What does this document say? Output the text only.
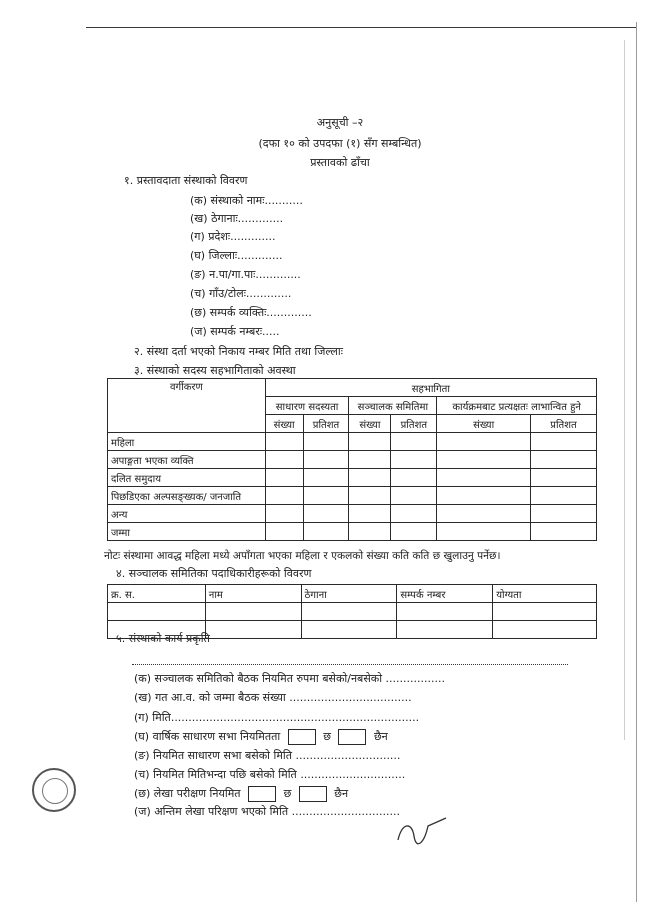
अनुसूची –२
(दफा १० को उपदफा (१) सँग सम्बन्धित)
प्रस्तावको ढाँचा
१. प्रस्तावदाता संस्थाको विवरण
(क) संस्थाको नामः...........
(ख) ठेगानाः.............
(ग) प्रदेशः.............
(घ) जिल्लाः.............
(ङ) न.पा/गा.पाः.............
(च) गाँउ/टोलः.............
(छ) सम्पर्क व्यक्तिः.............
(ज) सम्पर्क नम्बरः.....
२. संस्था दर्ता भएको निकाय नम्बर मिति तथा जिल्लाः
३. संस्थाको सदस्य सहभागिताको अवस्था
वर्गीकरण	सहभागिता					
	साधारण सदस्यता		सञ्चालक समितिमा		कार्यक्रमबाट प्रत्यक्षतः लाभान्वित हुने	
	संख्या	प्रतिशत	संख्या	प्रतिशत	संख्या	प्रतिशत
महिला						
अपाङ्गता भएका व्यक्ति						
दलित समुदाय						
पिछडिएका अल्पसङ्ख्यक/ जनजाति						
अन्य						
जम्मा						
नोटः संस्थामा आवद्ध महिला मध्ये अपाँगता भएका महिला र एकलको संख्या कति कति छ खुलाउनु पर्नेछ।
४. सञ्चालक समितिका पदाधिकारीहरूको विवरण
क्र. स.	नाम	ठेगाना	सम्पर्क नम्बर	योग्यता

५. संस्थाको कार्य प्रकृति
(क) सञ्चालक समितिको बैठक नियमित रुपमा बसेको/नबसेको .................
(ख) गत आ.व. को जम्मा बैठक संख्या ...................................
(ग) मिति.......................................................................
(घ) वार्षिक साधारण सभा नियमितता	छ	छैन
(ङ) नियमित साधारण सभा बसेको मिति ..............................
(च) नियमित मितिभन्दा पछि बसेको मिति ..............................
(छ) लेखा परीक्षण नियमित	छ	छैन
(ज) अन्तिम लेखा परिक्षण भएको मिति ...............................
